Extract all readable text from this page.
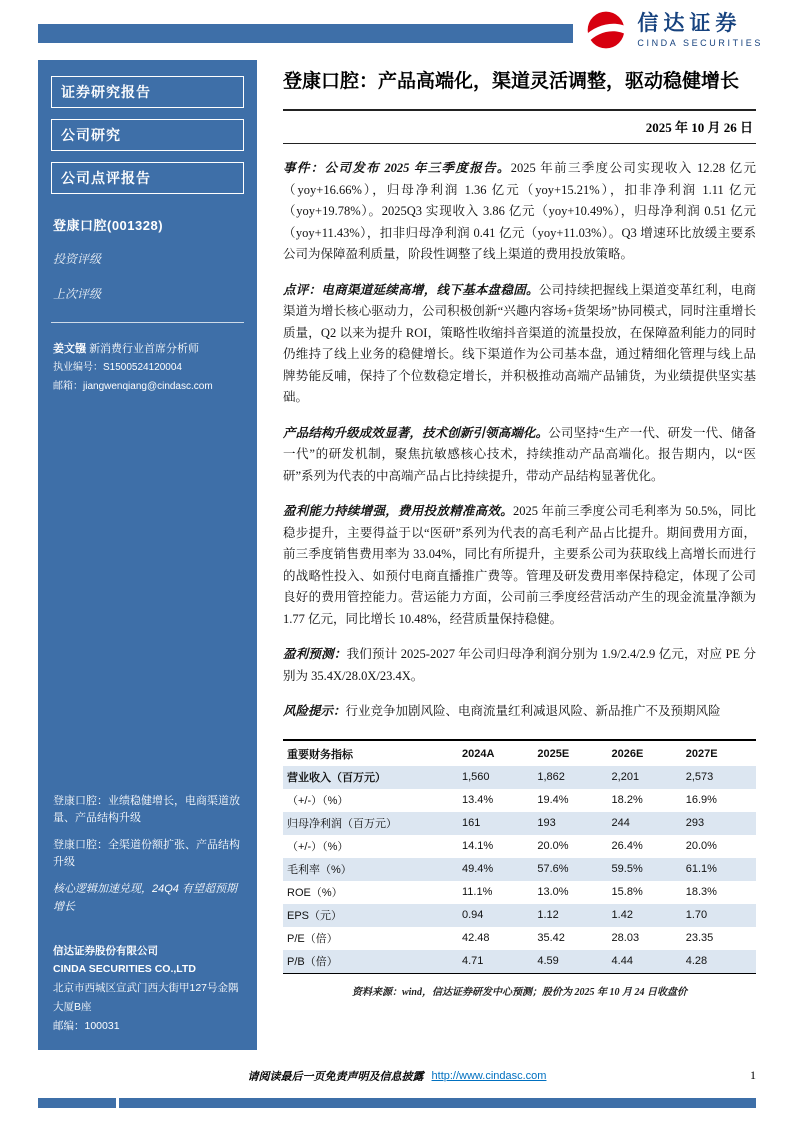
信达证券
CINDA SECURITIES
证券研究报告
公司研究
公司点评报告
登康口腔(001328)
投资评级
上次评级
姜文镪 新消费行业首席分析师
执业编号：S1500524120004
邮箱：jiangwenqiang@cindasc.com
登康口腔：业绩稳健增长，电商渠道放量、产品结构升级
登康口腔：全渠道份额扩张、产品结构升级
核心逻辑加速兑现，24Q4 有望超预期增长
信达证券股份有限公司
CINDA SECURITIES CO.,LTD
北京市西城区宣武门西大街甲127号金隅大厦B座
邮编：100031
登康口腔：产品高端化，渠道灵活调整，驱动稳健增长
2025 年 10 月 26 日
事件：公司发布 2025 年三季度报告。2025 年前三季度公司实现收入 12.28 亿元（yoy+16.66%），归母净利润 1.36 亿元（yoy+15.21%），扣非净利润 1.11 亿元（yoy+19.78%）。2025Q3 实现收入 3.86 亿元（yoy+10.49%），归母净利润 0.51 亿元（yoy+11.43%），扣非归母净利润 0.41 亿元（yoy+11.03%）。Q3 增速环比放缓主要系公司为保障盈利质量，阶段性调整了线上渠道的费用投放策略。
点评：电商渠道延续高增，线下基本盘稳固。公司持续把握线上渠道变革红利，电商渠道为增长核心驱动力，公司积极创新“兴趣内容场+货架场”协同模式，同时注重增长质量，Q2 以来为提升 ROI，策略性收缩抖音渠道的流量投放，在保障盈利能力的同时仍维持了线上业务的稳健增长。线下渠道作为公司基本盘，通过精细化管理与线上品牌势能反哺，保持了个位数稳定增长，并积极推动高端产品铺货，为业绩提供坚实基础。
产品结构升级成效显著，技术创新引领高端化。公司坚持“生产一代、研发一代、储备一代”的研发机制，聚焦抗敏感核心技术，持续推动产品高端化。报告期内，以“医研”系列为代表的中高端产品占比持续提升，带动产品结构显著优化。
盈利能力持续增强，费用投放精准高效。2025 年前三季度公司毛利率为 50.5%，同比稳步提升，主要得益于以“医研”系列为代表的高毛利产品占比提升。期间费用方面，前三季度销售费用率为 33.04%，同比有所提升，主要系公司为获取线上高增长而进行的战略性投入、如预付电商直播推广费等。管理及研发费用率保持稳定，体现了公司良好的费用管控能力。营运能力方面，公司前三季度经营活动产生的现金流量净额为 1.77 亿元，同比增长 10.48%，经营质量保持稳健。
盈利预测：我们预计 2025-2027 年公司归母净利润分别为 1.9/2.4/2.9 亿元，对应 PE 分别为 35.4X/28.0X/23.4X。
风险提示：行业竞争加剧风险、电商流量红利减退风险、新品推广不及预期风险
重要财务指标	2024A	2025E	2026E	2027E
营业收入（百万元）	1,560	1,862	2,201	2,573
（+/-）（%）	13.4%	19.4%	18.2%	16.9%
归母净利润（百万元）	161	193	244	293
（+/-）（%）	14.1%	20.0%	26.4%	20.0%
毛利率（%）	49.4%	57.6%	59.5%	61.1%
ROE（%）	11.1%	13.0%	15.8%	18.3%
EPS（元）	0.94	1.12	1.42	1.70
P/E（倍）	42.48	35.42	28.03	23.35
P/B（倍）	4.71	4.59	4.44	4.28
资料来源：wind，信达证券研发中心预测；股价为 2025 年 10 月 24 日收盘价
请阅读最后一页免责声明及信息披露 http://www.cindasc.com	1
